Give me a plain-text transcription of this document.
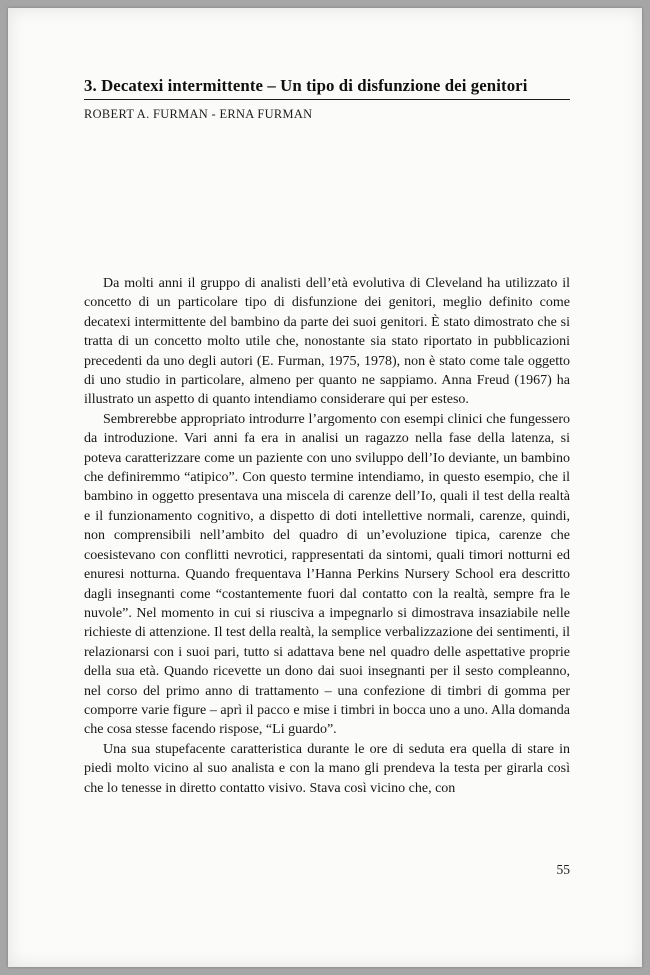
3. Decatexi intermittente – Un tipo di disfunzione dei genitori
ROBERT A. FURMAN - ERNA FURMAN

Da molti anni il gruppo di analisti dell’età evolutiva di Cleveland ha utilizzato il concetto di un particolare tipo di disfunzione dei genitori, meglio definito come decatexi intermittente del bambino da parte dei suoi genitori. È stato dimostrato che si tratta di un concetto molto utile che, nonostante sia stato riportato in pubblicazioni precedenti da uno degli autori (E. Furman, 1975, 1978), non è stato come tale oggetto di uno studio in particolare, almeno per quanto ne sappiamo. Anna Freud (1967) ha illustrato un aspetto di quanto intendiamo considerare qui per esteso.

Sembrerebbe appropriato introdurre l’argomento con esempi clinici che fungessero da introduzione. Vari anni fa era in analisi un ragazzo nella fase della latenza, si poteva caratterizzare come un paziente con uno sviluppo dell’Io deviante, un bambino che definiremmo “atipico”. Con questo termine intendiamo, in questo esempio, che il bambino in oggetto presentava una miscela di carenze dell’Io, quali il test della realtà e il funzionamento cognitivo, a dispetto di doti intellettive normali, carenze, quindi, non comprensibili nell’ambito del quadro di un’evoluzione tipica, carenze che coesistevano con conflitti nevrotici, rappresentati da sintomi, quali timori notturni ed enuresi notturna. Quando frequentava l’Hanna Perkins Nursery School era descritto dagli insegnanti come “costantemente fuori dal contatto con la realtà, sempre fra le nuvole”. Nel momento in cui si riusciva a impegnarlo si dimostrava insaziabile nelle richieste di attenzione. Il test della realtà, la semplice verbalizzazione dei sentimenti, il relazionarsi con i suoi pari, tutto si adattava bene nel quadro delle aspettative proprie della sua età. Quando ricevette un dono dai suoi insegnanti per il sesto compleanno, nel corso del primo anno di trattamento – una confezione di timbri di gomma per comporre varie figure – aprì il pacco e mise i timbri in bocca uno a uno. Alla domanda che cosa stesse facendo rispose, “Li guardo”.

Una sua stupefacente caratteristica durante le ore di seduta era quella di stare in piedi molto vicino al suo analista e con la mano gli prendeva la testa per girarla così che lo tenesse in diretto contatto visivo. Stava così vicino che, con

55
